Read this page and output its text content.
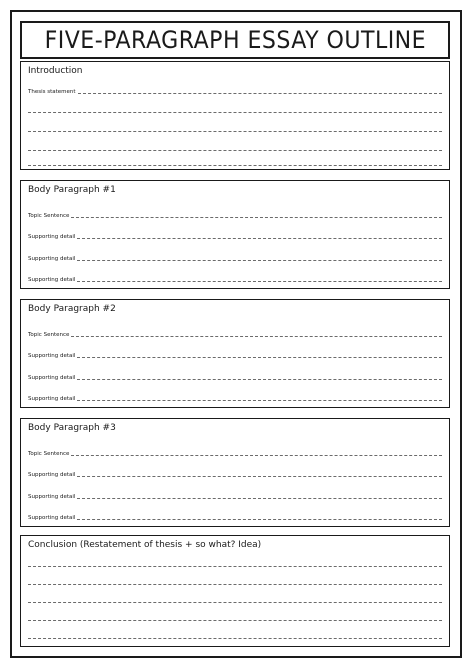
FIVE-PARAGRAPH ESSAY OUTLINE
Introduction
Thesis statement
Body Paragraph #1
Topic Sentence
Supporting detail
Supporting detail
Supporting detail
Body Paragraph #2
Topic Sentence
Supporting detail
Supporting detail
Supporting detail
Body Paragraph #3
Topic Sentence
Supporting detail
Supporting detail
Supporting detail
Conclusion (Restatement of thesis + so what? Idea)
